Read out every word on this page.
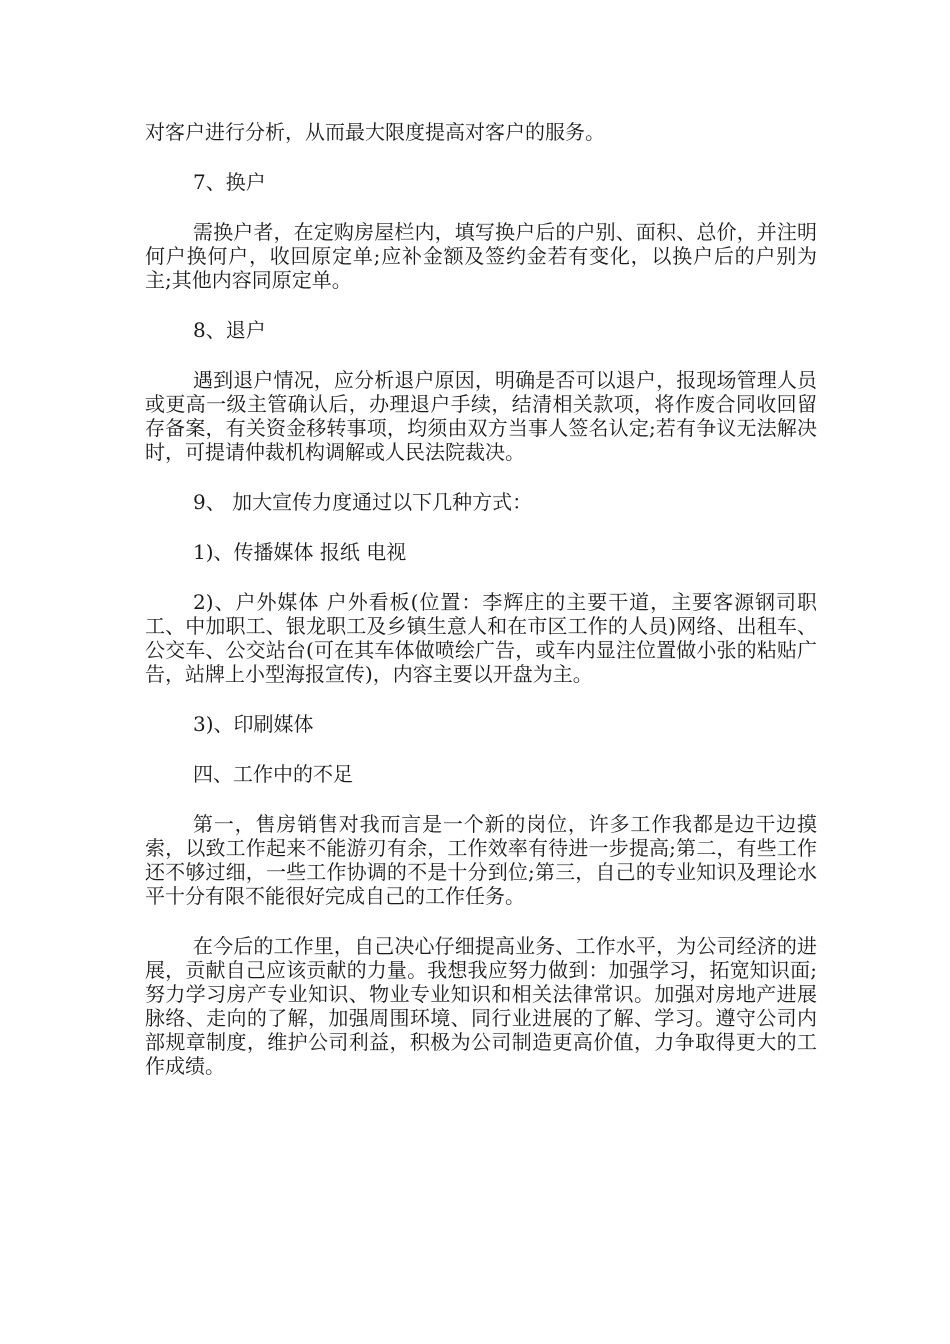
对客户进行分析，从而最大限度提高对客户的服务。

7、换户

需换户者，在定购房屋栏内，填写换户后的户别、面积、总价，并注明何户换何户，收回原定单;应补金额及签约金若有变化，以换户后的户别为主;其他内容同原定单。

8、退户

遇到退户情况，应分析退户原因，明确是否可以退户，报现场管理人员或更高一级主管确认后，办理退户手续，结清相关款项，将作废合同收回留存备案，有关资金移转事项，均须由双方当事人签名认定;若有争议无法解决时，可提请仲裁机构调解或人民法院裁决。

9、 加大宣传力度通过以下几种方式：

1)、传播媒体 报纸 电视

2)、户外媒体 户外看板(位置：李辉庄的主要干道，主要客源钢司职工、中加职工、银龙职工及乡镇生意人和在市区工作的人员)网络、出租车、公交车、公交站台(可在其车体做喷绘广告，或车内显注位置做小张的粘贴广告，站牌上小型海报宣传)，内容主要以开盘为主。

3)、印刷媒体

四、工作中的不足

第一，售房销售对我而言是一个新的岗位，许多工作我都是边干边摸索，以致工作起来不能游刃有余，工作效率有待进一步提高;第二，有些工作还不够过细，一些工作协调的不是十分到位;第三，自己的专业知识及理论水平十分有限不能很好完成自己的工作任务。

在今后的工作里，自己决心仔细提高业务、工作水平，为公司经济的进展，贡献自己应该贡献的力量。我想我应努力做到：加强学习，拓宽知识面;努力学习房产专业知识、物业专业知识和相关法律常识。加强对房地产进展脉络、走向的了解，加强周围环境、同行业进展的了解、学习。遵守公司内部规章制度，维护公司利益，积极为公司制造更高价值，力争取得更大的工作成绩。
